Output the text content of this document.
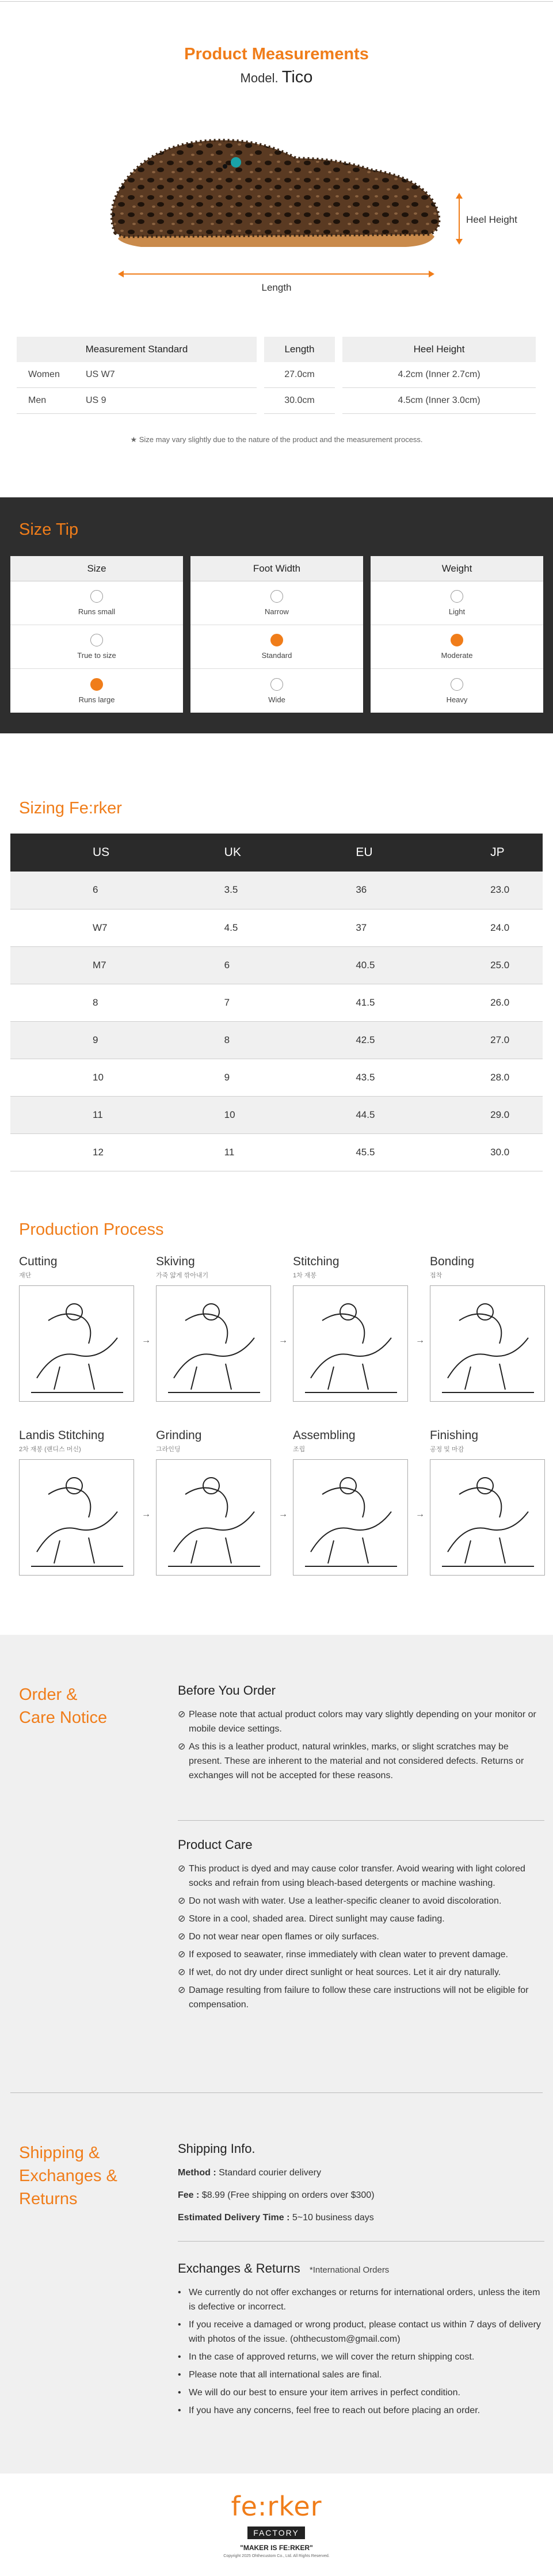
Product Measurements
Model. Tico
Length
Heel Height
Measurement Standard	Length	Heel Height
Women US W7	27.0cm	4.2cm (Inner 2.7cm)
Men US 9	30.0cm	4.5cm (Inner 3.0cm)
★ Size may vary slightly due to the nature of the product and the measurement process.
Size Tip
Size
Runs small
True to size
Runs large
Foot Width
Narrow
Standard
Wide
Weight
Light
Moderate
Heavy
Sizing Fe:rker
US	UK	EU	JP
6	3.5	36	23.0
W7	4.5	37	24.0
M7	6	40.5	25.0
8	7	41.5	26.0
9	8	42.5	27.0
10	9	43.5	28.0
11	10	44.5	29.0
12	11	45.5	30.0
Production Process
Cutting
재단
→
Skiving
가죽 얇게 깎아내기
→
Stitching
1차 재봉
→
Bonding
접착
Landis Stitching
2차 재봉 (랜디스 머신)
→
Grinding
그라인딩
→
Assembling
조립
→
Finishing
공정 및 마감
Order &
Care Notice
Before You Order
⊘ Please note that actual product colors may vary slightly depending on your monitor or mobile device settings.
⊘ As this is a leather product, natural wrinkles, marks, or slight scratches may be present. These are inherent to the material and not considered defects. Returns or exchanges will not be accepted for these reasons.
Product Care
⊘ This product is dyed and may cause color transfer. Avoid wearing with light colored socks and refrain from using bleach-based detergents or machine washing.
⊘ Do not wash with water. Use a leather-specific cleaner to avoid discoloration.
⊘ Store in a cool, shaded area. Direct sunlight may cause fading.
⊘ Do not wear near open flames or oily surfaces.
⊘ If exposed to seawater, rinse immediately with clean water to prevent damage.
⊘ If wet, do not dry under direct sunlight or heat sources. Let it air dry naturally.
⊘ Damage resulting from failure to follow these care instructions will not be eligible for compensation.
Shipping &
Exchanges &
Returns
Shipping Info.

Method : Standard courier delivery

Fee : $8.99 (Free shipping on orders over $300)

Estimated Delivery Time : 5~10 business days

Exchanges & Returns *International Orders
• We currently do not offer exchanges or returns for international orders, unless the item is defective or incorrect.
• If you receive a damaged or wrong product, please contact us within 7 days of delivery with photos of the issue. (ohthecustom@gmail.com)
• In the case of approved returns, we will cover the return shipping cost.
• Please note that all international sales are final.
• We will do our best to ensure your item arrives in perfect condition.
• If you have any concerns, feel free to reach out before placing an order.
fe:rker
FACTORY
"MAKER IS FE:RKER"
Copyright 2025 Ohthecustom Co., Ltd. All Rights Reserved.
